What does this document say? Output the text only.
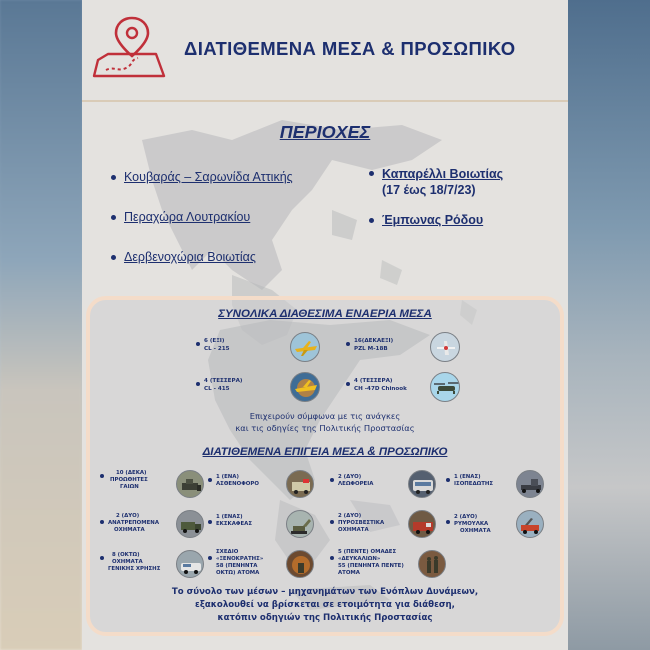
ΔΙΑΤΙΘΕΜΕΝΑ ΜΕΣΑ & ΠΡΟΣΩΠΙΚΟ
ΠΕΡΙΟΧΕΣ
Κουβαράς – Σαρωνίδα Αττικής
Περαχώρα Λουτρακίου
Δερβενοχώρια Βοιωτίας
Καπαρέλλι Βοιωτίας
(17 έως 18/7/23)
Έμπωνας Ρόδου
ΣΥΝΟΛΙΚΑ ΔΙΑΘΕΣΙΜΑ ΕΝΑΕΡΙΑ ΜΕΣΑ
6 (ΕΞΙ)
CL - 215
16(ΔΕΚΑΕΞΙ)
PZL M-18B
4 (ΤΕΣΣΕΡΑ)
CL - 415
4 (ΤΕΣΣΕΡΑ)
CH -47D Chinook
Επιχειρούν σύμφωνα με τις ανάγκες
και τις οδηγίες της Πολιτικής Προστασίας
ΔΙΑΤΙΘΕΜΕΝΑ ΕΠΙΓΕΙΑ ΜΕΣΑ & ΠΡΟΣΩΠΙΚΟ
10 (ΔΕΚΑ)
ΠΡΟΩΘΗΤΕΣ
ΓΑΙΩΝ
1 (ΕΝΑ)
ΑΣΘΕΝΟΦΟΡΟ
2 (ΔΥΟ)
ΛΕΩΦΟΡΕΙΑ
1 (ΕΝΑΣ)
ΙΣΟΠΕΔΩΤΗΣ
2 (ΔΥΟ)
ΑΝΑΤΡΕΠΟΜΕΝΑ
ΟΧΗΜΑΤΑ
1 (ΕΝΑΣ)
ΕΚΣΚΑΦΕΑΣ
2 (ΔΥΟ)
ΠΥΡΟΣΒΕΣΤΙΚΑ
ΟΧΗΜΑΤΑ
2 (ΔΥΟ)
ΡΥΜΟΥΛΚΑ
ΟΧΗΜΑΤΑ
8 (ΟΚΤΩ)
ΟΧΗΜΑΤΑ
ΓΕΝΙΚΗΣ ΧΡΗΣΗΣ
ΣΧΕΔΙΟ
«ΞΕΝΟΚΡΑΤΗΣ»
58 (ΠΕΝΗΝΤΑ
ΟΚΤΩ) ΑΤΟΜΑ
5 (ΠΕΝΤΕ) ΟΜΑΔΕΣ
«ΔΕΥΚΑΛΙΩΝ»
55 (ΠΕΝΗΝΤΑ ΠΕΝΤΕ)
ΑΤΟΜΑ
Το σύνολο των μέσων – μηχανημάτων των Ενόπλων Δυνάμεων,
εξακολουθεί να βρίσκεται σε ετοιμότητα για διάθεση,
κατόπιν οδηγιών της Πολιτικής Προστασίας
